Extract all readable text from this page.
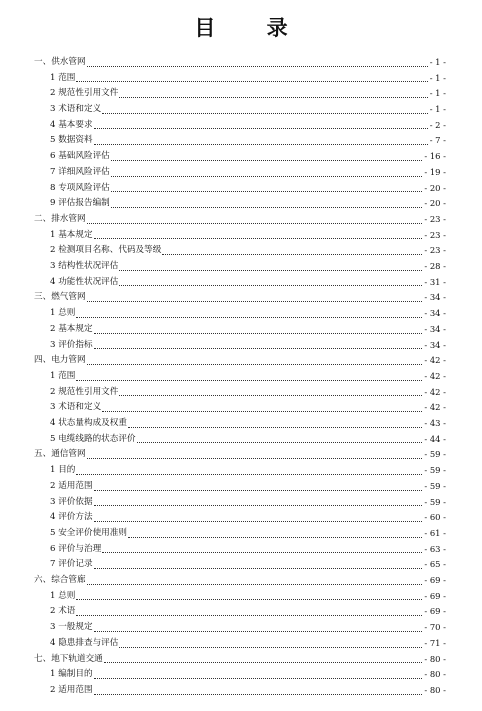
目 录
一、供水管网	- 1 -
1 范围	- 1 -
2 规范性引用文件	- 1 -
3 术语和定义	- 1 -
4 基本要求	- 2 -
5 数据资料	- 7 -
6 基础风险评估	- 16 -
7 详细风险评估	- 19 -
8 专项风险评估	- 20 -
9 评估报告编制	- 20 -
二、排水管网	- 23 -
1 基本规定	- 23 -
2 检测项目名称、代码及等级	- 23 -
3 结构性状况评估	- 28 -
4 功能性状况评估	- 31 -
三、燃气管网	- 34 -
1 总则	- 34 -
2 基本规定	- 34 -
3 评价指标	- 34 -
四、电力管网	- 42 -
1 范围	- 42 -
2 规范性引用文件	- 42 -
3 术语和定义	- 42 -
4 状态量构成及权重	- 43 -
5 电缆线路的状态评价	- 44 -
五、通信管网	- 59 -
1 目的	- 59 -
2 适用范围	- 59 -
3 评价依据	- 59 -
4 评价方法	- 60 -
5 安全评价使用准则	- 61 -
6 评价与治理	- 63 -
7 评价记录	- 65 -
六、综合管廊	- 69 -
1 总则	- 69 -
2 术语	- 69 -
3 一般规定	- 70 -
4 隐患排查与评估	- 71 -
七、地下轨道交通	- 80 -
1 编制目的	- 80 -
2 适用范围	- 80 -
